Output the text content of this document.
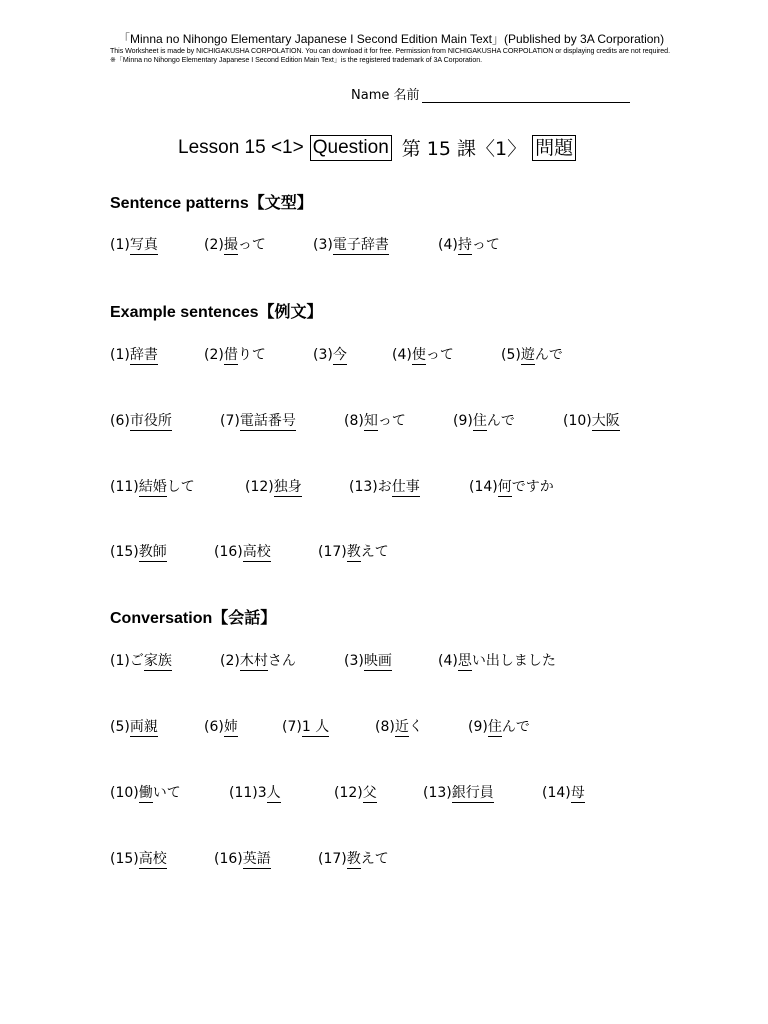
「Minna no Nihongo Elementary Japanese I Second Edition Main Text」(Published by 3A Corporation)
This Worksheet is made by NICHIGAKUSHA CORPOLATION. You can download it for free. Permission from NICHIGAKUSHA CORPOLATION or displaying credits are not required. ※「Minna no Nihongo Elementary Japanese I Second Edition Main Text」is the registered trademark of 3A Corporation.
Name 名前
Lesson 15 <1> Question 第 15 課〈1〉 問題
Sentence patterns【文型】
(1)写真	(2)撮って	(3)電子辞書	(4)持って
Example sentences【例文】
(1)辞書	(2)借りて	(3)今	(4)使って	(5)遊んで
(6)市役所	(7)電話番号	(8)知って	(9)住んで	(10)大阪
(11)結婚して	(12)独身	(13)お仕事	(14)何ですか
(15)教師	(16)高校	(17)教えて
Conversation【会話】
(1)ご家族	(2)木村さん	(3)映画	(4)思い出しました
(5)両親	(6)姉	(7)1 人	(8)近く	(9)住んで
(10)働いて	(11)3人	(12)父	(13)銀行員	(14)母
(15)高校	(16)英語	(17)教えて
